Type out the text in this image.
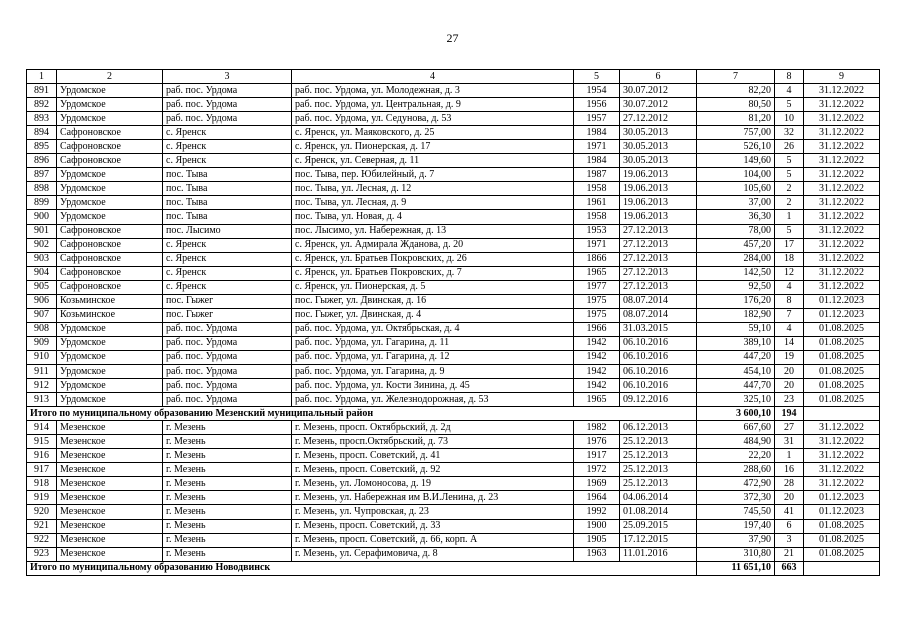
27
1	2	3	4	5	6	7	8	9
891	Урдомское	раб. пос. Урдома	раб. пос. Урдома, ул. Молодежная, д. 3	1954	30.07.2012	82,20	4	31.12.2022
892	Урдомское	раб. пос. Урдома	раб. пос. Урдома, ул. Центральная, д. 9	1956	30.07.2012	80,50	5	31.12.2022
893	Урдомское	раб. пос. Урдома	раб. пос. Урдома, ул. Седунова, д. 53	1957	27.12.2012	81,20	10	31.12.2022
894	Сафроновское	с. Яренск	с. Яренск, ул. Маяковского, д. 25	1984	30.05.2013	757,00	32	31.12.2022
895	Сафроновское	с. Яренск	с. Яренск, ул. Пионерская, д. 17	1971	30.05.2013	526,10	26	31.12.2022
896	Сафроновское	с. Яренск	с. Яренск, ул. Северная, д. 11	1984	30.05.2013	149,60	5	31.12.2022
897	Урдомское	пос. Тыва	пос. Тыва, пер. Юбилейный, д. 7	1987	19.06.2013	104,00	5	31.12.2022
898	Урдомское	пос. Тыва	пос. Тыва, ул. Лесная, д. 12	1958	19.06.2013	105,60	2	31.12.2022
899	Урдомское	пос. Тыва	пос. Тыва, ул. Лесная, д. 9	1961	19.06.2013	37,00	2	31.12.2022
900	Урдомское	пос. Тыва	пос. Тыва, ул. Новая, д. 4	1958	19.06.2013	36,30	1	31.12.2022
901	Сафроновское	пос. Лысимо	пос. Лысимо, ул. Набережная, д. 13	1953	27.12.2013	78,00	5	31.12.2022
902	Сафроновское	с. Яренск	с. Яренск, ул. Адмирала Жданова, д. 20	1971	27.12.2013	457,20	17	31.12.2022
903	Сафроновское	с. Яренск	с. Яренск, ул. Братьев Покровских, д. 26	1866	27.12.2013	284,00	18	31.12.2022
904	Сафроновское	с. Яренск	с. Яренск, ул. Братьев Покровских, д. 7	1965	27.12.2013	142,50	12	31.12.2022
905	Сафроновское	с. Яренск	с. Яренск, ул. Пионерская, д. 5	1977	27.12.2013	92,50	4	31.12.2022
906	Козьминское	пос. Гыжег	пос. Гыжег, ул. Двинская, д. 16	1975	08.07.2014	176,20	8	01.12.2023
907	Козьминское	пос. Гыжег	пос. Гыжег, ул. Двинская, д. 4	1975	08.07.2014	182,90	7	01.12.2023
908	Урдомское	раб. пос. Урдома	раб. пос. Урдома, ул. Октябрьская, д. 4	1966	31.03.2015	59,10	4	01.08.2025
909	Урдомское	раб. пос. Урдома	раб. пос. Урдома, ул. Гагарина, д. 11	1942	06.10.2016	389,10	14	01.08.2025
910	Урдомское	раб. пос. Урдома	раб. пос. Урдома, ул. Гагарина, д. 12	1942	06.10.2016	447,20	19	01.08.2025
911	Урдомское	раб. пос. Урдома	раб. пос. Урдома, ул. Гагарина, д. 9	1942	06.10.2016	454,10	20	01.08.2025
912	Урдомское	раб. пос. Урдома	раб. пос. Урдома, ул. Кости Зинина, д. 45	1942	06.10.2016	447,70	20	01.08.2025
913	Урдомское	раб. пос. Урдома	раб. пос. Урдома, ул. Железнодорожная, д. 53	1965	09.12.2016	325,10	23	01.08.2025
Итого по муниципальному образованию Мезенский муниципальный район						3 600,10	194	
914	Мезенское	г. Мезень	г. Мезень, просп. Октябрьский, д. 2д	1982	06.12.2013	667,60	27	31.12.2022
915	Мезенское	г. Мезень	г. Мезень, просп.Октябрьский, д. 73	1976	25.12.2013	484,90	31	31.12.2022
916	Мезенское	г. Мезень	г. Мезень, просп. Советский, д. 41	1917	25.12.2013	22,20	1	31.12.2022
917	Мезенское	г. Мезень	г. Мезень, просп. Советский, д. 92	1972	25.12.2013	288,60	16	31.12.2022
918	Мезенское	г. Мезень	г. Мезень, ул. Ломоносова, д. 19	1969	25.12.2013	472,90	28	31.12.2022
919	Мезенское	г. Мезень	г. Мезень, ул. Набережная им В.И.Ленина, д. 23	1964	04.06.2014	372,30	20	01.12.2023
920	Мезенское	г. Мезень	г. Мезень, ул. Чупровская, д. 23	1992	01.08.2014	745,50	41	01.12.2023
921	Мезенское	г. Мезень	г. Мезень, просп. Советский, д. 33	1900	25.09.2015	197,40	6	01.08.2025
922	Мезенское	г. Мезень	г. Мезень, просп. Советский, д. 66, корп. А	1905	17.12.2015	37,90	3	01.08.2025
923	Мезенское	г. Мезень	г. Мезень, ул. Серафимовича, д. 8	1963	11.01.2016	310,80	21	01.08.2025
Итого по муниципальному образованию Новодвинск						11 651,10	663	
